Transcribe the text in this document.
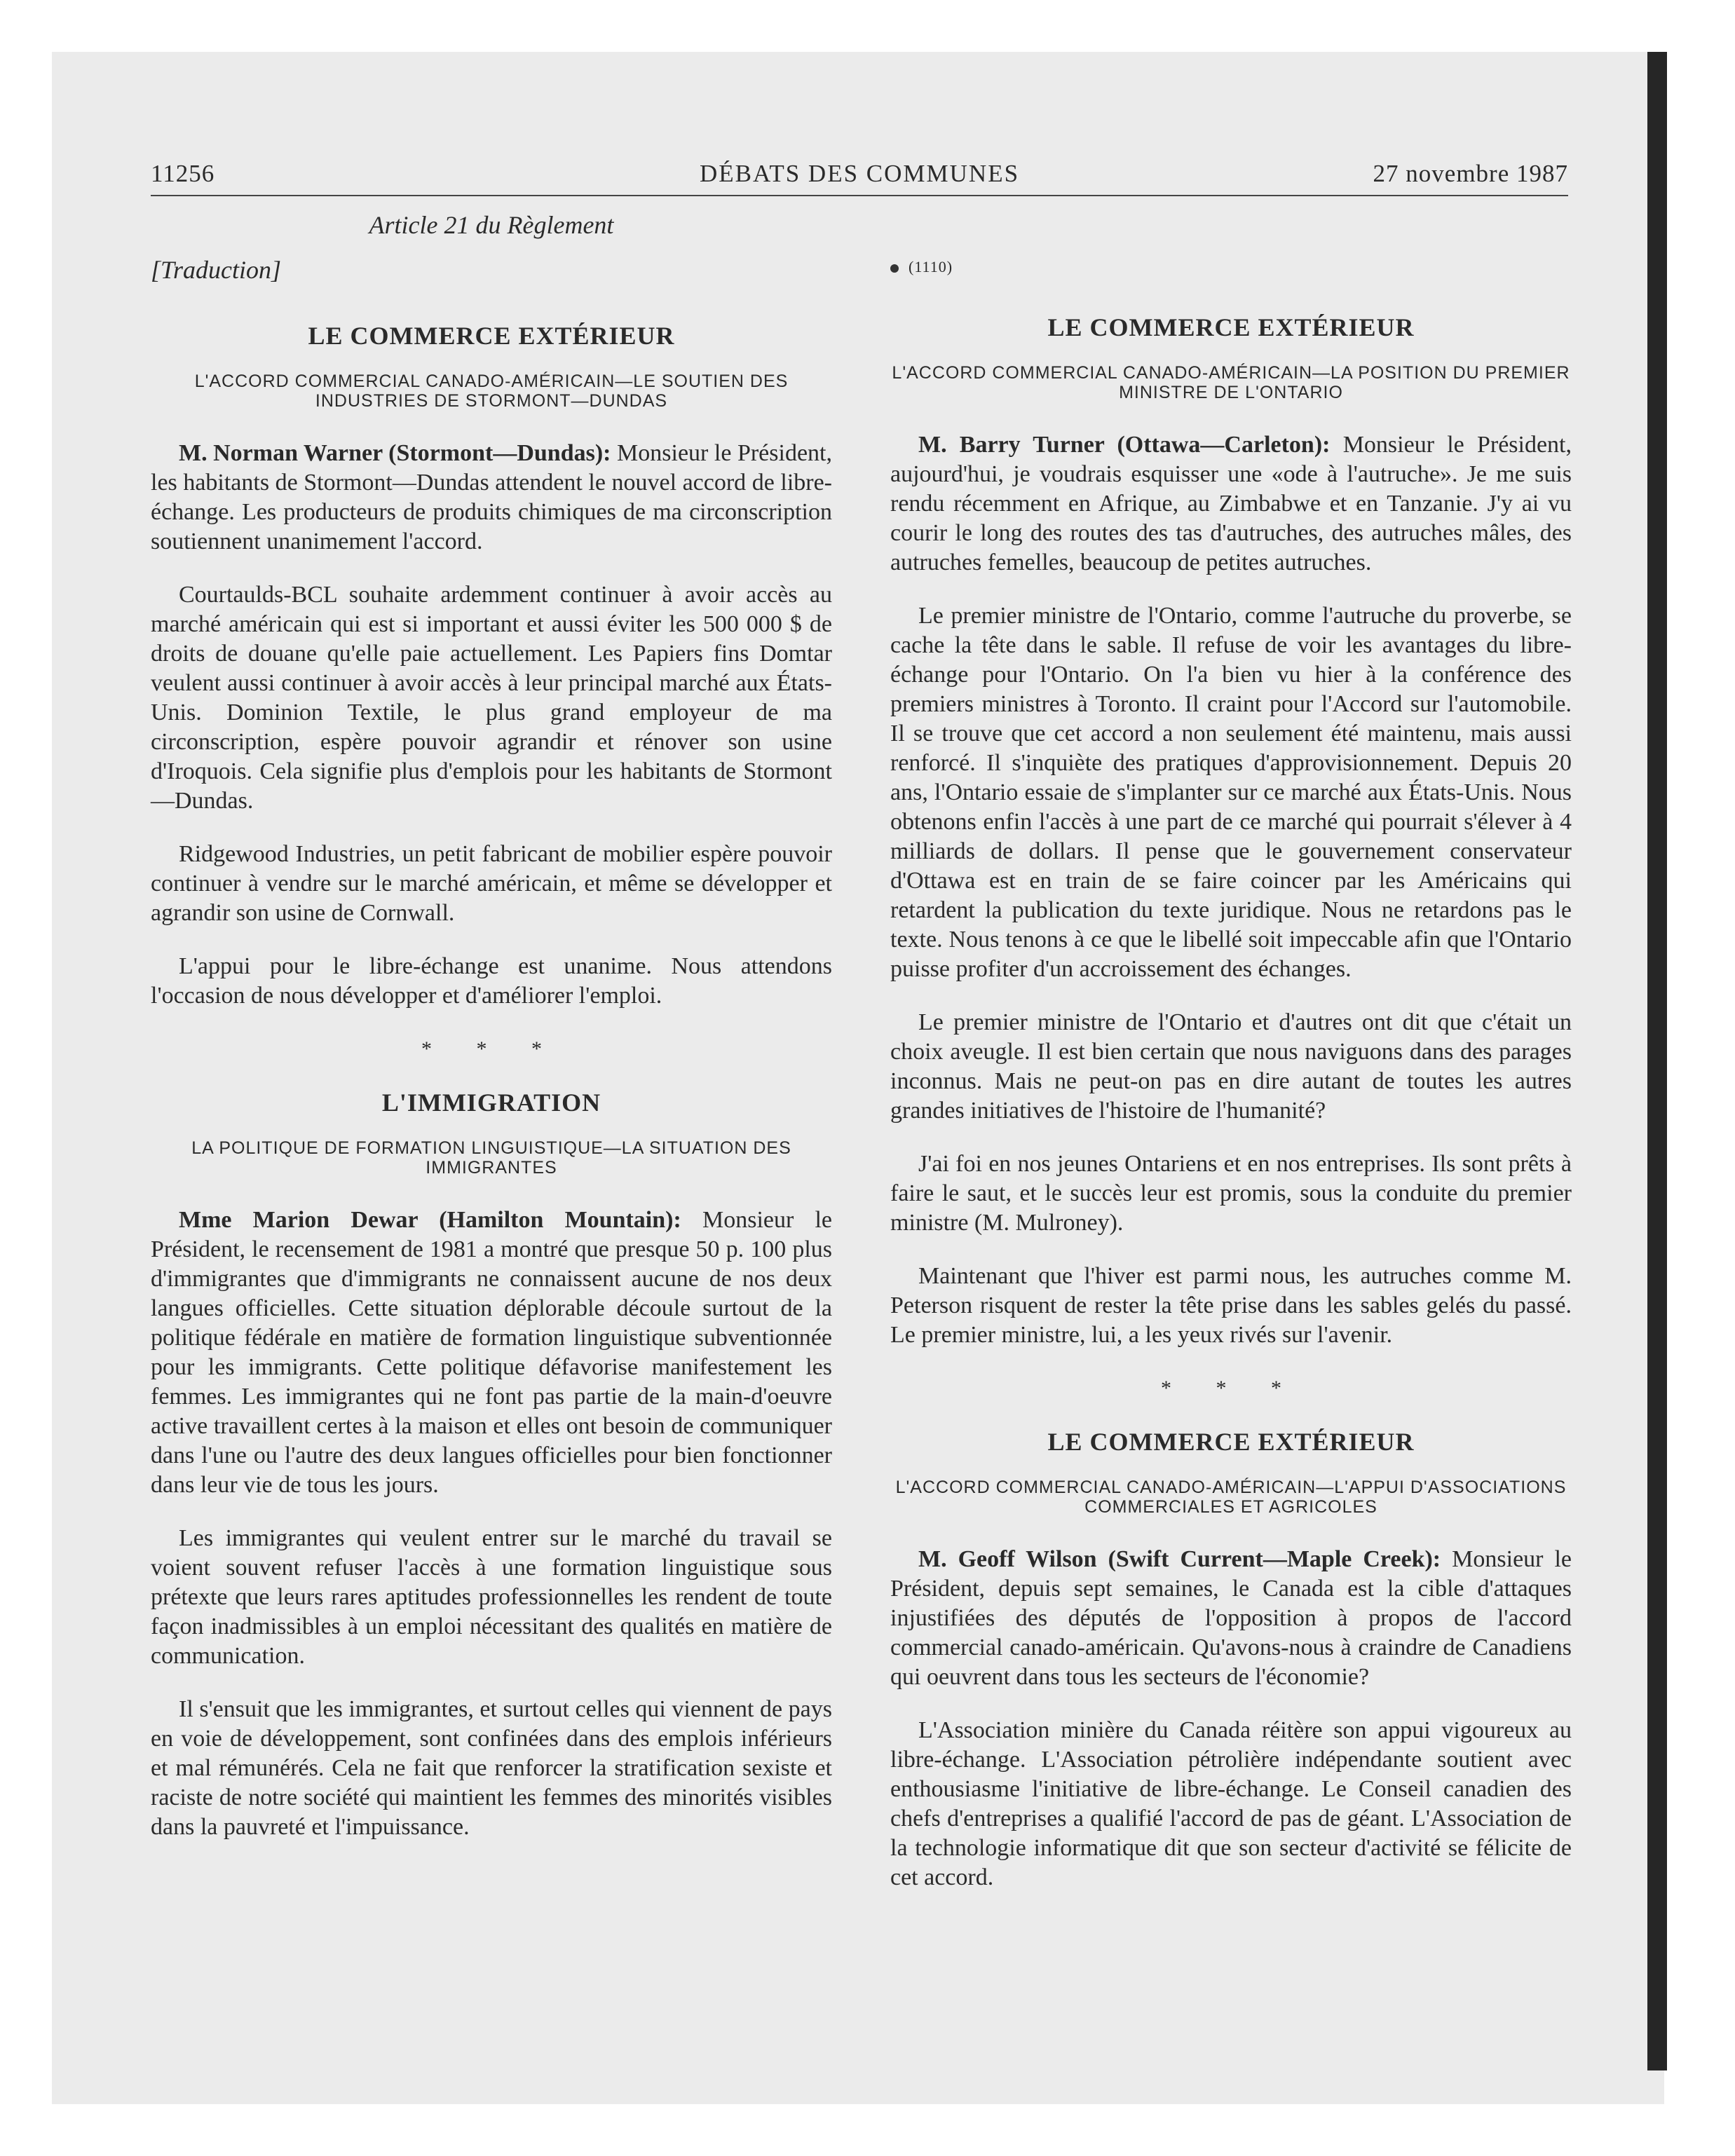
11256	DÉBATS DES COMMUNES	27 novembre 1987
Article 21 du Règlement
[Traduction]
LE COMMERCE EXTÉRIEUR
L'ACCORD COMMERCIAL CANADO-AMÉRICAIN—LE SOUTIEN DES INDUSTRIES DE STORMONT—DUNDAS

M. Norman Warner (Stormont—Dundas): Monsieur le Président, les habitants de Stormont—Dundas attendent le nouvel accord de libre-échange. Les producteurs de produits chimiques de ma circonscription soutiennent unanimement l'accord.

Courtaulds-BCL souhaite ardemment continuer à avoir accès au marché américain qui est si important et aussi éviter les 500 000 $ de droits de douane qu'elle paie actuellement. Les Papiers fins Domtar veulent aussi continuer à avoir accès à leur principal marché aux États-Unis. Dominion Textile, le plus grand employeur de ma circonscription, espère pouvoir agrandir et rénover son usine d'Iroquois. Cela signifie plus d'emplois pour les habitants de Stormont—Dundas.

Ridgewood Industries, un petit fabricant de mobilier espère pouvoir continuer à vendre sur le marché américain, et même se développer et agrandir son usine de Cornwall.

L'appui pour le libre-échange est unanime. Nous attendons l'occasion de nous développer et d'améliorer l'emploi.

* * *
L'IMMIGRATION
LA POLITIQUE DE FORMATION LINGUISTIQUE—LA SITUATION DES IMMIGRANTES

Mme Marion Dewar (Hamilton Mountain): Monsieur le Président, le recensement de 1981 a montré que presque 50 p. 100 plus d'immigrantes que d'immigrants ne connaissent aucune de nos deux langues officielles. Cette situation déplorable découle surtout de la politique fédérale en matière de formation linguistique subventionnée pour les immigrants. Cette politique défavorise manifestement les femmes. Les immigrantes qui ne font pas partie de la main-d'oeuvre active travaillent certes à la maison et elles ont besoin de communiquer dans l'une ou l'autre des deux langues officielles pour bien fonctionner dans leur vie de tous les jours.

Les immigrantes qui veulent entrer sur le marché du travail se voient souvent refuser l'accès à une formation linguistique sous prétexte que leurs rares aptitudes professionnelles les rendent de toute façon inadmissibles à un emploi nécessitant des qualités en matière de communication.

Il s'ensuit que les immigrantes, et surtout celles qui viennent de pays en voie de développement, sont confinées dans des emplois inférieurs et mal rémunérés. Cela ne fait que renforcer la stratification sexiste et raciste de notre société qui maintient les femmes des minorités visibles dans la pauvreté et l'impuissance.

(1110)
LE COMMERCE EXTÉRIEUR
L'ACCORD COMMERCIAL CANADO-AMÉRICAIN—LA POSITION DU PREMIER MINISTRE DE L'ONTARIO

M. Barry Turner (Ottawa—Carleton): Monsieur le Président, aujourd'hui, je voudrais esquisser une «ode à l'autruche». Je me suis rendu récemment en Afrique, au Zimbabwe et en Tanzanie. J'y ai vu courir le long des routes des tas d'autruches, des autruches mâles, des autruches femelles, beaucoup de petites autruches.

Le premier ministre de l'Ontario, comme l'autruche du proverbe, se cache la tête dans le sable. Il refuse de voir les avantages du libre-échange pour l'Ontario. On l'a bien vu hier à la conférence des premiers ministres à Toronto. Il craint pour l'Accord sur l'automobile. Il se trouve que cet accord a non seulement été maintenu, mais aussi renforcé. Il s'inquiète des pratiques d'approvisionnement. Depuis 20 ans, l'Ontario essaie de s'implanter sur ce marché aux États-Unis. Nous obtenons enfin l'accès à une part de ce marché qui pourrait s'élever à 4 milliards de dollars. Il pense que le gouvernement conservateur d'Ottawa est en train de se faire coincer par les Américains qui retardent la publication du texte juridique. Nous ne retardons pas le texte. Nous tenons à ce que le libellé soit impeccable afin que l'Ontario puisse profiter d'un accroissement des échanges.

Le premier ministre de l'Ontario et d'autres ont dit que c'était un choix aveugle. Il est bien certain que nous naviguons dans des parages inconnus. Mais ne peut-on pas en dire autant de toutes les autres grandes initiatives de l'histoire de l'humanité?

J'ai foi en nos jeunes Ontariens et en nos entreprises. Ils sont prêts à faire le saut, et le succès leur est promis, sous la conduite du premier ministre (M. Mulroney).

Maintenant que l'hiver est parmi nous, les autruches comme M. Peterson risquent de rester la tête prise dans les sables gelés du passé. Le premier ministre, lui, a les yeux rivés sur l'avenir.

* * *
LE COMMERCE EXTÉRIEUR
L'ACCORD COMMERCIAL CANADO-AMÉRICAIN—L'APPUI D'ASSOCIATIONS COMMERCIALES ET AGRICOLES

M. Geoff Wilson (Swift Current—Maple Creek): Monsieur le Président, depuis sept semaines, le Canada est la cible d'attaques injustifiées des députés de l'opposition à propos de l'accord commercial canado-américain. Qu'avons-nous à craindre de Canadiens qui oeuvrent dans tous les secteurs de l'économie?

L'Association minière du Canada réitère son appui vigoureux au libre-échange. L'Association pétrolière indépendante soutient avec enthousiasme l'initiative de libre-échange. Le Conseil canadien des chefs d'entreprises a qualifié l'accord de pas de géant. L'Association de la technologie informatique dit que son secteur d'activité se félicite de cet accord.
